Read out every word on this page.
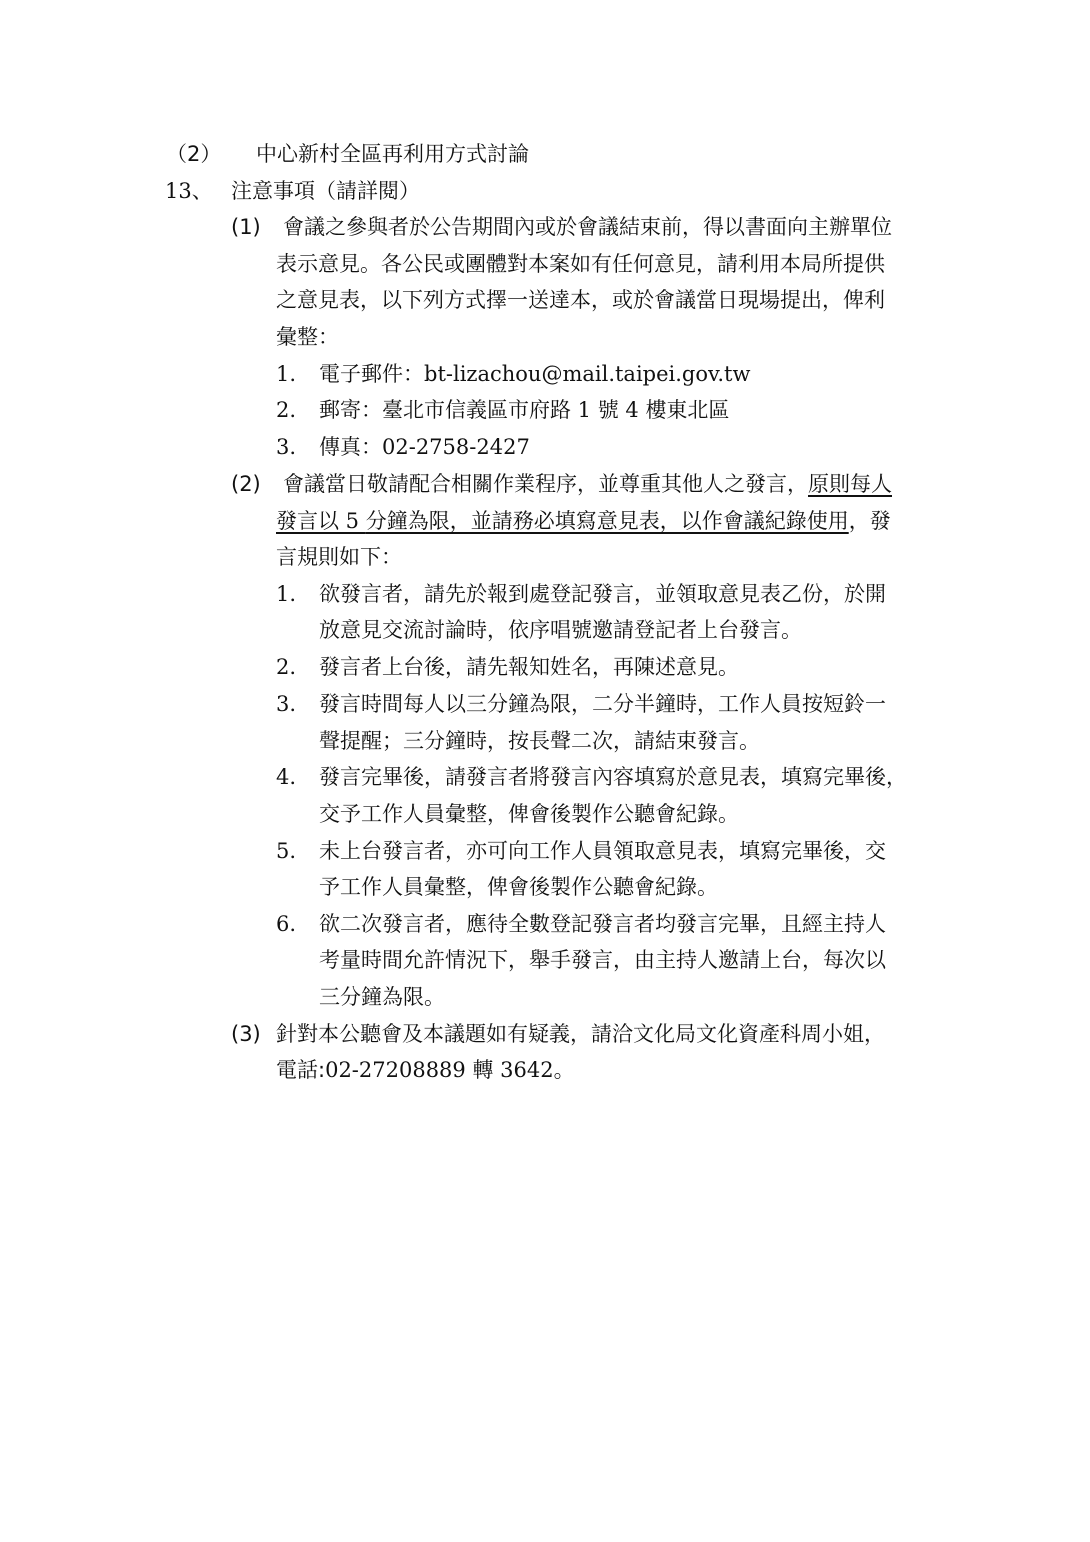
（2） 中心新村全區再利用方式討論
13、 注意事項（請詳閱）
(1) 會議之參與者於公告期間內或於會議結束前，得以書面向主辦單位
表示意見。各公民或團體對本案如有任何意見，請利用本局所提供
之意見表，以下列方式擇一送達本，或於會議當日現場提出，俾利
彙整：
1. 電子郵件：bt-lizachou@mail.taipei.gov.tw
2. 郵寄：臺北市信義區市府路 1 號 4 樓東北區
3. 傳真：02-2758-2427
(2) 會議當日敬請配合相關作業程序，並尊重其他人之發言，原則每人
發言以 5 分鐘為限，並請務必填寫意見表，以作會議紀錄使用，發
言規則如下：
1. 欲發言者，請先於報到處登記發言，並領取意見表乙份，於開
放意見交流討論時，依序唱號邀請登記者上台發言。
2. 發言者上台後，請先報知姓名，再陳述意見。
3. 發言時間每人以三分鐘為限，二分半鐘時，工作人員按短鈴一
聲提醒；三分鐘時，按長聲二次，請結束發言。
4. 發言完畢後，請發言者將發言內容填寫於意見表，填寫完畢後，
交予工作人員彙整，俾會後製作公聽會紀錄。
5. 未上台發言者，亦可向工作人員領取意見表，填寫完畢後，交
予工作人員彙整，俾會後製作公聽會紀錄。
6. 欲二次發言者，應待全數登記發言者均發言完畢，且經主持人
考量時間允許情況下，舉手發言，由主持人邀請上台，每次以
三分鐘為限。
(3) 針對本公聽會及本議題如有疑義，請洽文化局文化資產科周小姐，
電話:02-27208889 轉 3642。
